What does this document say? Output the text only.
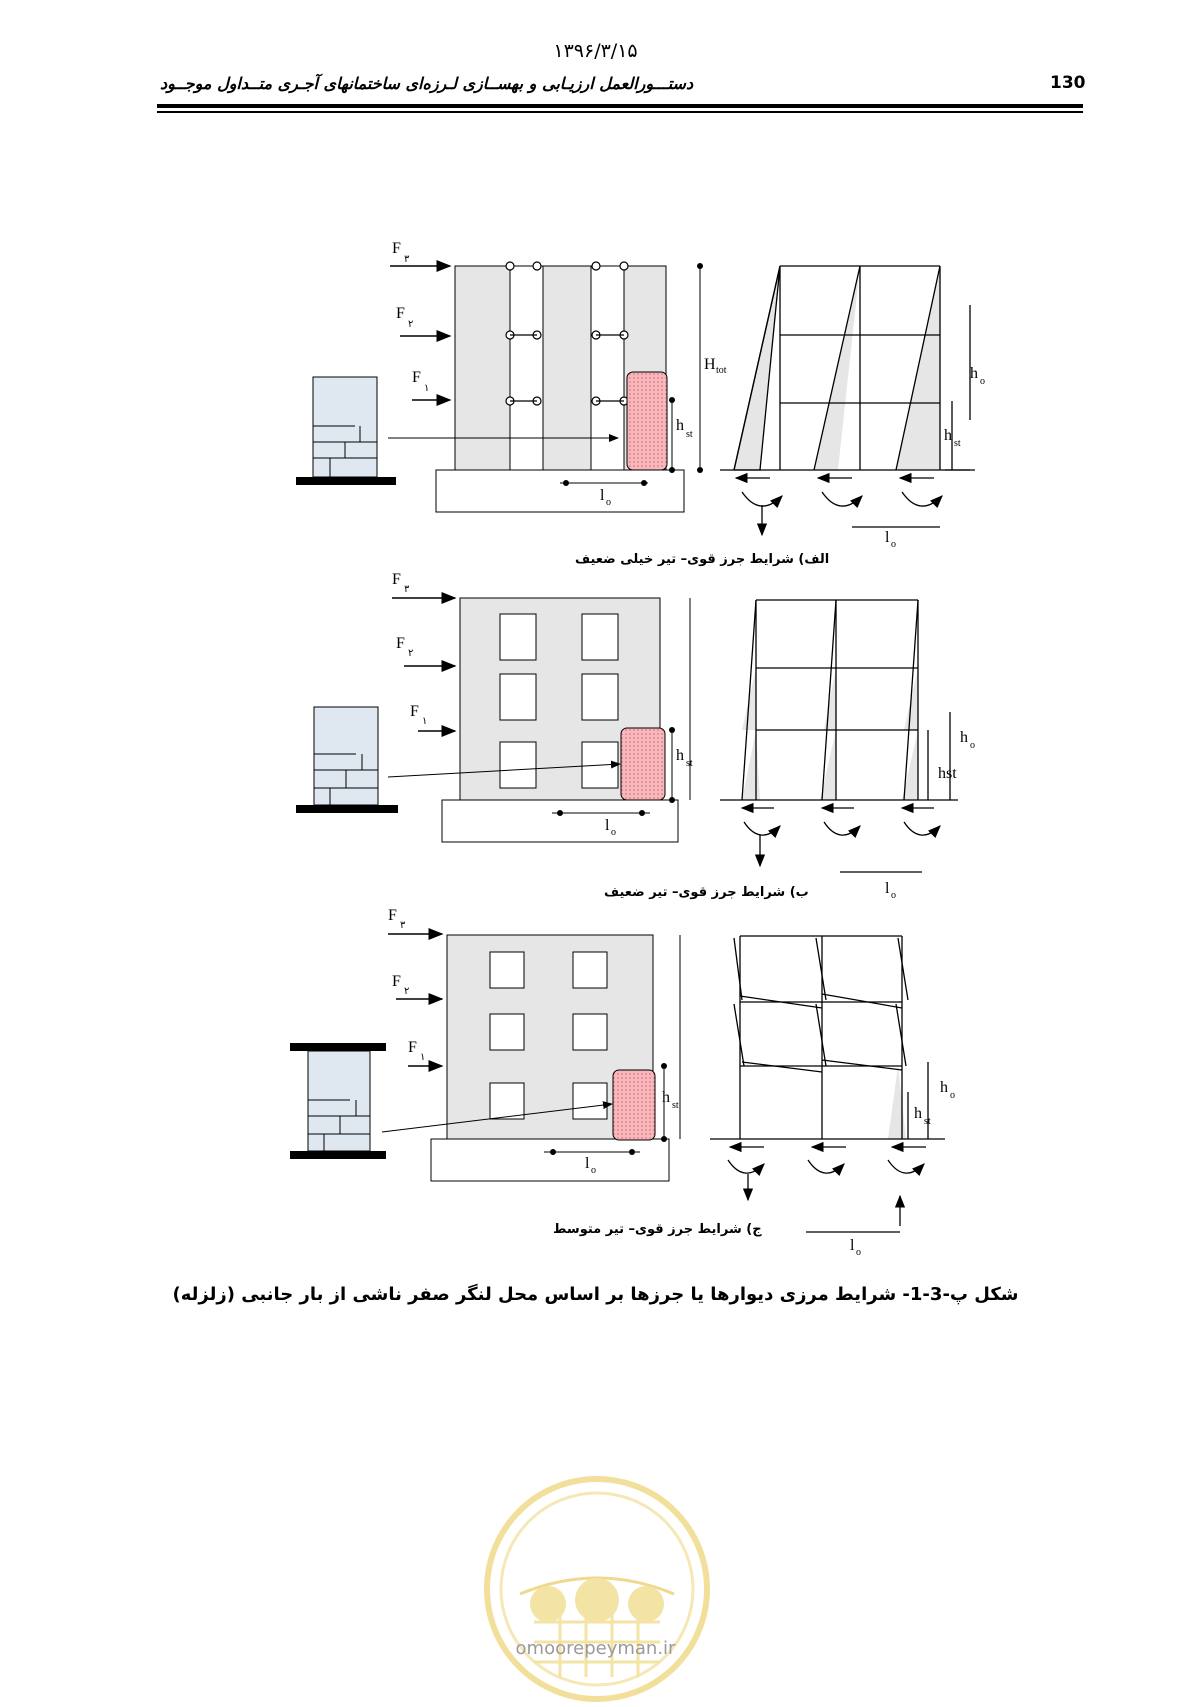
۱۳۹۶/۳/۱۵
دستـــورالعمل ارزیـابی و بهســازی لـرزه‌ای ساختمانهای آجـری متــداول موجــود	130
F
۳
F
۲
F
۱
H tot
h
st
l o
h o
h st
l o
F
۳
F
۲
F
۱
h st
l o
h o
hst
l o
F
۳
F
۲
F
۱
h st
l o
h o
h st
l o
الف) شرایط جرز قوی– تیر خیلی ضعیف
ب) شرایط جرز قوی– تیر ضعیف
ج) شرایط جرز قوی– تیر متوسط
شکل پ-3-1- شرایط مرزی دیوارها یا جرزها بر اساس محل لنگر صفر ناشی از بار جانبی (زلزله)
omoorepeyman.ir
